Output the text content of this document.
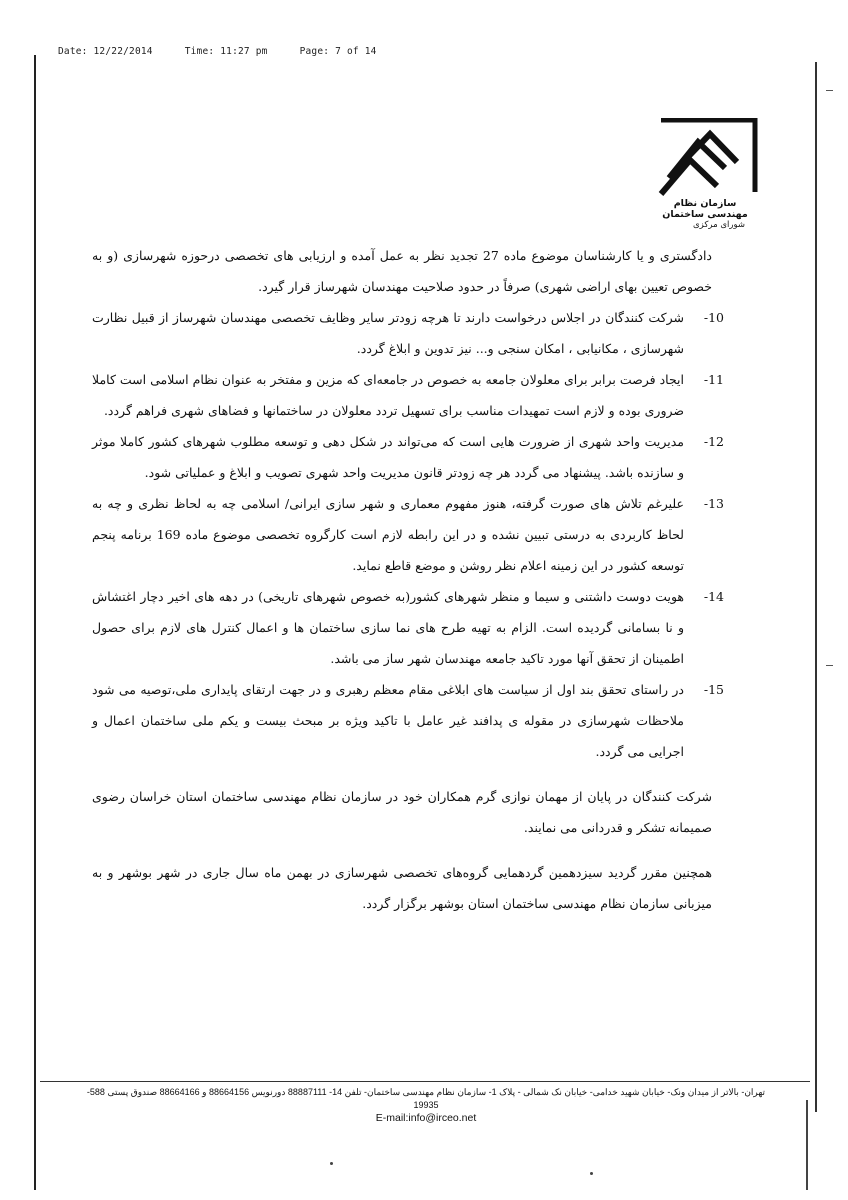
Date: 12/22/2014	Time: 11:27 pm	Page: 7 of 14
سازمان نظام مهندسی ساختمان
شورای مرکزی

دادگستری و یا کارشناسان موضوع ماده 27 تجدید نظر به عمل آمده و ارزیابی های تخصصی درحوزه شهرسازی (و به خصوص تعیین بهای اراضی شهری) صرفاً در حدود صلاحیت مهندسان شهرساز قرار گیرد.

10-

شرکت کنندگان در اجلاس درخواست دارند تا هرچه زودتر سایر وظایف تخصصی مهندسان شهرساز از قبیل نظارت شهرسازی ، مکانیابی ، امکان سنجی و... نیز تدوین و ابلاغ گردد.

11-

ایجاد فرصت برابر برای معلولان جامعه به خصوص در جامعه‌ای که مزین و مفتخر به عنوان نظام اسلامی است کاملا ضروری بوده و لازم است تمهیدات مناسب برای تسهیل تردد معلولان در ساختمانها و فضاهای شهری فراهم گردد.

12-

مدیریت واحد شهری از ضرورت هایی است که می‌تواند در شکل دهی و توسعه مطلوب شهرهای کشور کاملا موثر و سازنده باشد. پیشنهاد می گردد هر چه زودتر قانون مدیریت واحد شهری تصویب و ابلاغ و عملیاتی شود.

13-

علیرغم تلاش های صورت گرفته، هنوز مفهوم معماری و شهر سازی ایرانی/ اسلامی چه به لحاظ نظری و چه به لحاظ کاربردی به درستی تبیین نشده و در این رابطه لازم است کارگروه تخصصی موضوع ماده 169 برنامه پنجم توسعه کشور در این زمینه اعلام نظر روشن و موضع قاطع نماید.

14-

هویت دوست داشتنی و سیما و منظر شهرهای کشور(به خصوص شهرهای تاریخی) در دهه های اخیر دچار اغتشاش و نا بسامانی گردیده است. الزام به تهیه طرح های نما سازی ساختمان ها و اعمال کنترل های لازم برای حصول اطمینان از تحقق آنها مورد تاکید جامعه مهندسان شهر ساز می باشد.

15-

در راستای تحقق بند اول از سیاست های ابلاغی مقام معظم رهبری و در جهت ارتقای پایداری ملی،توصیه می شود ملاحظات شهرسازی در مقوله ی پدافند غیر عامل با تاکید ویژه بر مبحث بیست و یکم ملی ساختمان اعمال و اجرایی می گردد.

شرکت کنندگان در پایان از مهمان نوازی گرم همکاران خود در سازمان نظام مهندسی ساختمان استان خراسان رضوی صمیمانه تشکر و قدردانی می نمایند.

همچنین مقرر گردید سیزدهمین گردهمایی گروه‌های تخصصی شهرسازی در بهمن ماه سال جاری در شهر بوشهر و به میزبانی سازمان نظام مهندسی ساختمان استان بوشهر برگزار گردد.

تهران- بالاتر از میدان ونک- خیابان شهید خدامی- خیابان نک شمالی - پلاک 1- سازمان نظام مهندسی ساختمان- تلفن 14- 88887111 دورنویس 88664156 و 88664166 صندوق پستی 588-
19935
E-mail:info@irceo.net
